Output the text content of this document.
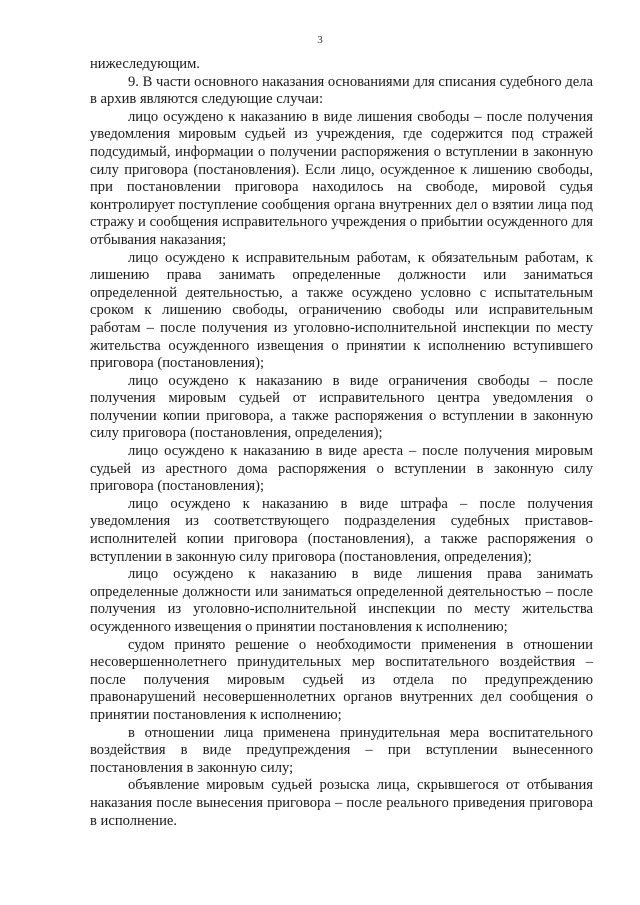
3

нижеследующим.

9. В части основного наказания основаниями для списания судебного дела в архив являются следующие случаи:

лицо осуждено к наказанию в виде лишения свободы – после получения уведомления мировым судьей из учреждения, где содержится под стражей подсудимый, информации о получении распоряжения о вступлении в законную силу приговора (постановления). Если лицо, осужденное к лишению свободы, при постановлении приговора находилось на свободе, мировой судья контролирует поступление сообщения органа внутренних дел о взятии лица под стражу и сообщения исправительного учреждения о прибытии осужденного для отбывания наказания;

лицо осуждено к исправительным работам, к обязательным работам, к лишению права занимать определенные должности или заниматься определенной деятельностью, а также осуждено условно с испытательным сроком к лишению свободы, ограничению свободы или исправительным работам – после получения из уголовно-исполнительной инспекции по месту жительства осужденного извещения о принятии к исполнению вступившего приговора (постановления);

лицо осуждено к наказанию в виде ограничения свободы – после получения мировым судьей от исправительного центра уведомления о получении копии приговора, а также распоряжения о вступлении в законную силу приговора (постановления, определения);

лицо осуждено к наказанию в виде ареста – после получения мировым судьей из арестного дома распоряжения о вступлении в законную силу приговора (постановления);

лицо осуждено к наказанию в виде штрафа – после получения уведомления из соответствующего подразделения судебных приставов-исполнителей копии приговора (постановления), а также распоряжения о вступлении в законную силу приговора (постановления, определения);

лицо осуждено к наказанию в виде лишения права занимать определенные должности или заниматься определенной деятельностью – после получения из уголовно-исполнительной инспекции по месту жительства осужденного извещения о принятии постановления к исполнению;

судом принято решение о необходимости применения в отношении несовершеннолетнего принудительных мер воспитательного воздействия – после получения мировым судьей из отдела по предупреждению правонарушений несовершеннолетних органов внутренних дел сообщения о принятии постановления к исполнению;

в отношении лица применена принудительная мера воспитательного воздействия в виде предупреждения – при вступлении вынесенного постановления в законную силу;

объявление мировым судьей розыска лица, скрывшегося от отбывания наказания после вынесения приговора – после реального приведения приговора в исполнение.
